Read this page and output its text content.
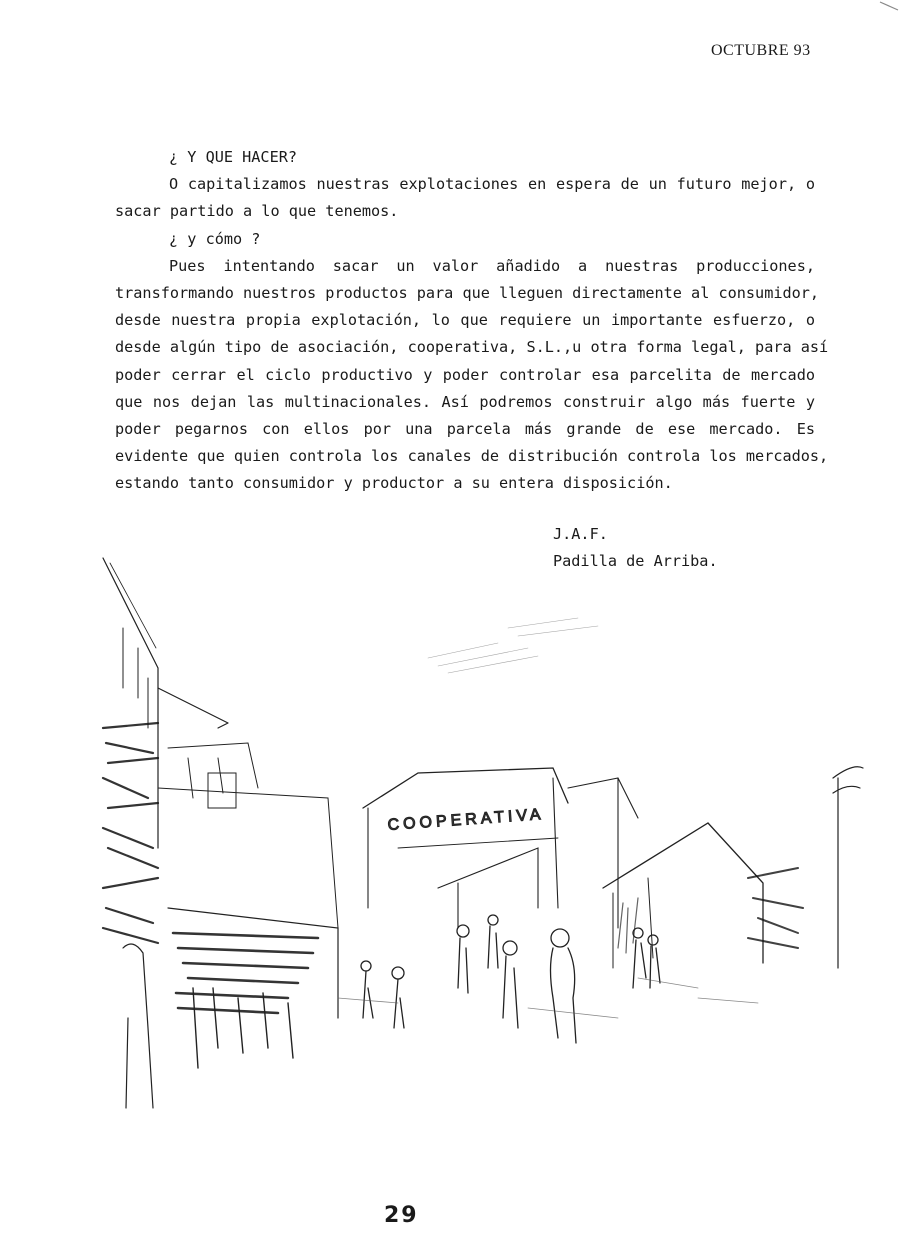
OCTUBRE 93
¿ Y QUE HACER?
O capitalizamos nuestras explotaciones en espera de un futuro mejor, o
sacar partido a lo que tenemos.
¿ y cómo ?
Pues intentando sacar un valor añadido a nuestras producciones,
transformando nuestros productos para que lleguen directamente al consumidor,
desde nuestra propia explotación, lo que requiere un importante esfuerzo, o
desde algún tipo de asociación, cooperativa, S.L.,u otra forma legal, para así
poder cerrar el ciclo productivo y poder controlar esa parcelita de mercado
que nos dejan las multinacionales. Así podremos construir algo más fuerte y
poder pegarnos con ellos por una parcela más grande de ese mercado. Es
evidente que quien controla los canales de distribución controla los mercados,
estando tanto consumidor y productor a su entera disposición.
J.A.F.
Padilla de Arriba.
COOPERATIVA
29
